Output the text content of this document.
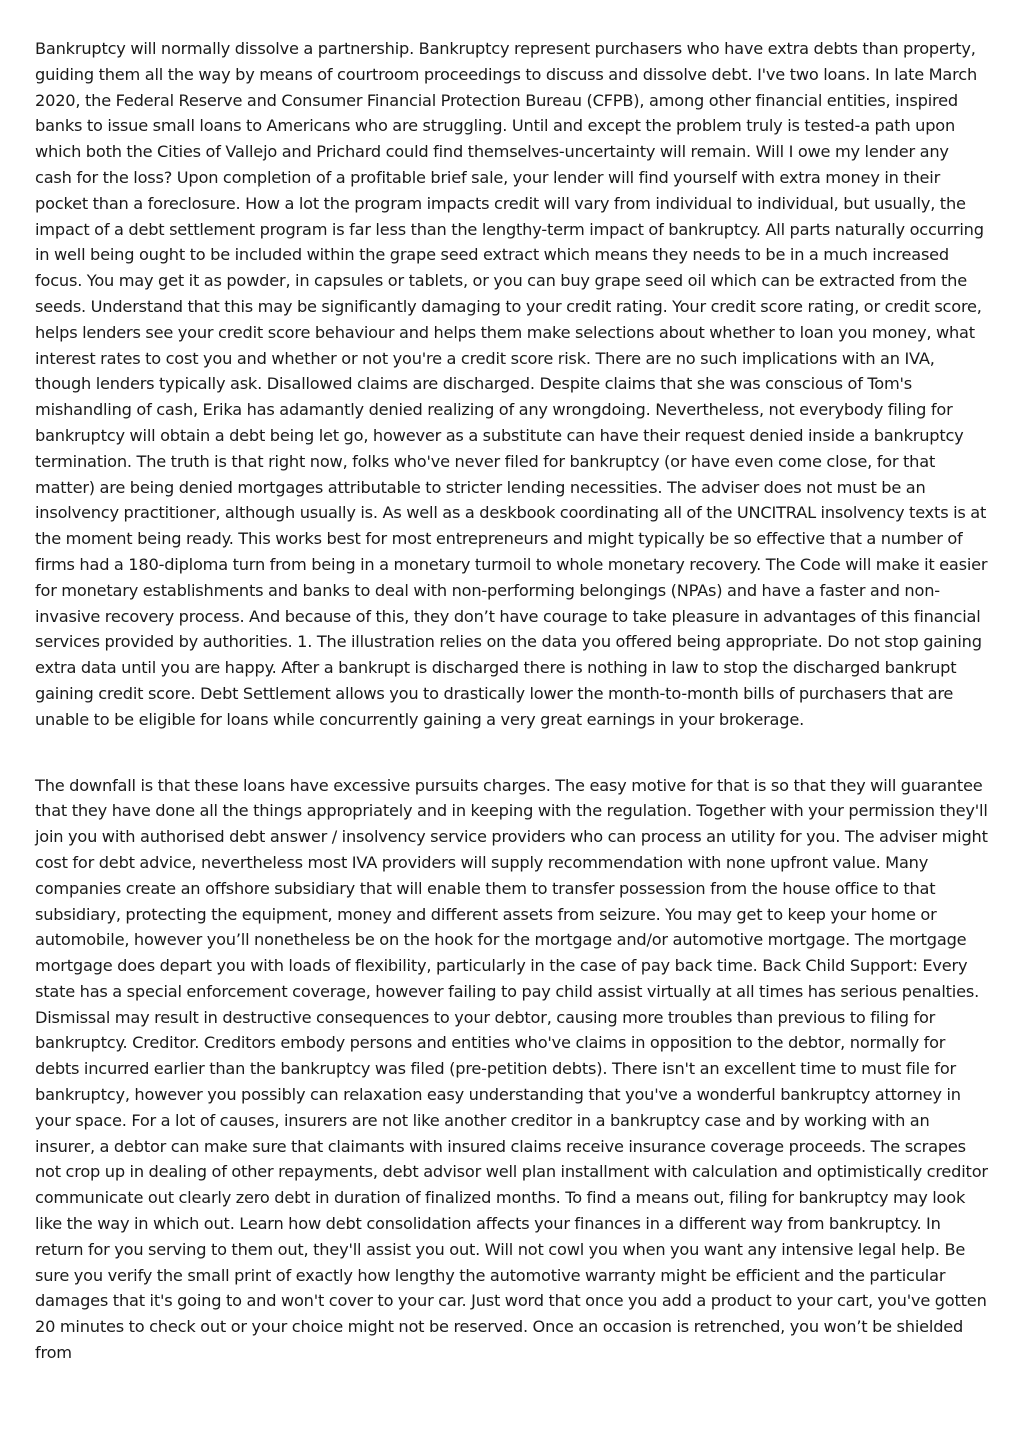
Bankruptcy will normally dissolve a partnership. Bankruptcy represent purchasers who have extra debts than property, guiding them all the way by means of courtroom proceedings to discuss and dissolve debt. I've two loans. In late March 2020, the Federal Reserve and Consumer Financial Protection Bureau (CFPB), among other financial entities, inspired banks to issue small loans to Americans who are struggling. Until and except the problem truly is tested-a path upon which both the Cities of Vallejo and Prichard could find themselves-uncertainty will remain. Will I owe my lender any cash for the loss? Upon completion of a profitable brief sale, your lender will find yourself with extra money in their pocket than a foreclosure. How a lot the program impacts credit will vary from individual to individual, but usually, the impact of a debt settlement program is far less than the lengthy-term impact of bankruptcy. All parts naturally occurring in well being ought to be included within the grape seed extract which means they needs to be in a much increased focus. You may get it as powder, in capsules or tablets, or you can buy grape seed oil which can be extracted from the seeds. Understand that this may be significantly damaging to your credit rating. Your credit score rating, or credit score, helps lenders see your credit score behaviour and helps them make selections about whether to loan you money, what interest rates to cost you and whether or not you're a credit score risk. There are no such implications with an IVA, though lenders typically ask. Disallowed claims are discharged. Despite claims that she was conscious of Tom's mishandling of cash, Erika has adamantly denied realizing of any wrongdoing. Nevertheless, not everybody filing for bankruptcy will obtain a debt being let go, however as a substitute can have their request denied inside a bankruptcy termination. The truth is that right now, folks who've never filed for bankruptcy (or have even come close, for that matter) are being denied mortgages attributable to stricter lending necessities. The adviser does not must be an insolvency practitioner, although usually is. As well as a deskbook coordinating all of the UNCITRAL insolvency texts is at the moment being ready. This works best for most entrepreneurs and might typically be so effective that a number of firms had a 180-diploma turn from being in a monetary turmoil to whole monetary recovery. The Code will make it easier for monetary establishments and banks to deal with non-performing belongings (NPAs) and have a faster and non-invasive recovery process. And because of this, they don’t have courage to take pleasure in advantages of this financial services provided by authorities. 1. The illustration relies on the data you offered being appropriate. Do not stop gaining extra data until you are happy. After a bankrupt is discharged there is nothing in law to stop the discharged bankrupt gaining credit score. Debt Settlement allows you to drastically lower the month-to-month bills of purchasers that are unable to be eligible for loans while concurrently gaining a very great earnings in your brokerage.

The downfall is that these loans have excessive pursuits charges. The easy motive for that is so that they will guarantee that they have done all the things appropriately and in keeping with the regulation. Together with your permission they'll join you with authorised debt answer / insolvency service providers who can process an utility for you. The adviser might cost for debt advice, nevertheless most IVA providers will supply recommendation with none upfront value. Many companies create an offshore subsidiary that will enable them to transfer possession from the house office to that subsidiary, protecting the equipment, money and different assets from seizure. You may get to keep your home or automobile, however you’ll nonetheless be on the hook for the mortgage and/or automotive mortgage. The mortgage mortgage does depart you with loads of flexibility, particularly in the case of pay back time. Back Child Support: Every state has a special enforcement coverage, however failing to pay child assist virtually at all times has serious penalties. Dismissal may result in destructive consequences to your debtor, causing more troubles than previous to filing for bankruptcy. Creditor. Creditors embody persons and entities who've claims in opposition to the debtor, normally for debts incurred earlier than the bankruptcy was filed (pre-petition debts). There isn't an excellent time to must file for bankruptcy, however you possibly can relaxation easy understanding that you've a wonderful bankruptcy attorney in your space. For a lot of causes, insurers are not like another creditor in a bankruptcy case and by working with an insurer, a debtor can make sure that claimants with insured claims receive insurance coverage proceeds. The scrapes not crop up in dealing of other repayments, debt advisor well plan installment with calculation and optimistically creditor communicate out clearly zero debt in duration of finalized months. To find a means out, filing for bankruptcy may look like the way in which out. Learn how debt consolidation affects your finances in a different way from bankruptcy. In return for you serving to them out, they'll assist you out. Will not cowl you when you want any intensive legal help. Be sure you verify the small print of exactly how lengthy the automotive warranty might be efficient and the particular damages that it's going to and won't cover to your car. Just word that once you add a product to your cart, you've gotten 20 minutes to check out or your choice might not be reserved. Once an occasion is retrenched, you won’t be shielded from
